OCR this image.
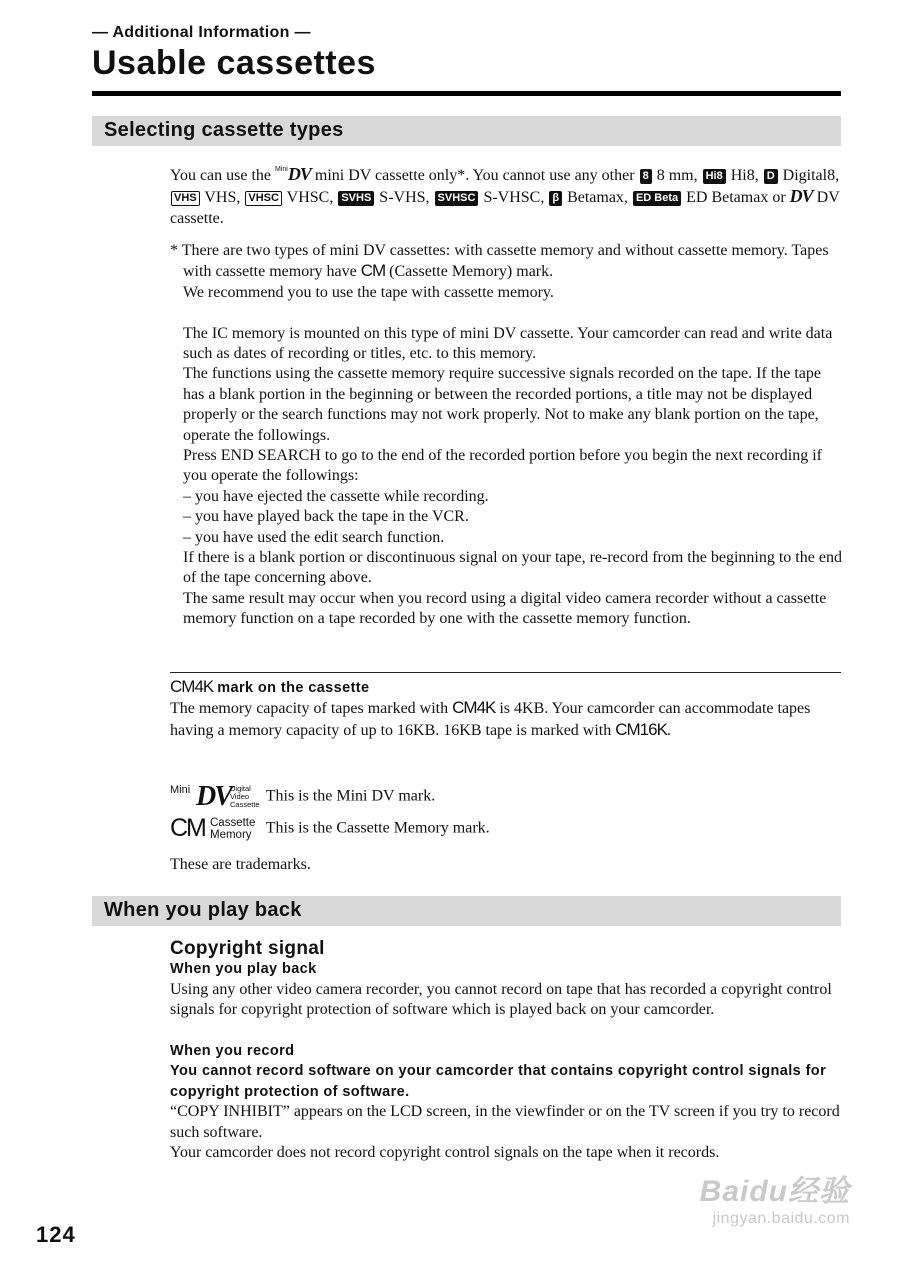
— Additional Information —
Usable cassettes
Selecting cassette types

You can use the $^{Mini}$DV mini DV cassette only*. You cannot use any other 8 8 mm, Hi8 Hi8, D Digital8, VHS VHS, VHSC VHSC, SVHS S-VHS, SVHSC S-VHSC, β Betamax, ED Beta ED Betamax or DV DV cassette.

* There are two types of mini DV cassettes: with cassette memory and without cassette memory. Tapes with cassette memory have CM (Cassette Memory) mark.

We recommend you to use the tape with cassette memory.

The IC memory is mounted on this type of mini DV cassette. Your camcorder can read and write data such as dates of recording or titles, etc. to this memory.

The functions using the cassette memory require successive signals recorded on the tape. If the tape has a blank portion in the beginning or between the recorded portions, a title may not be displayed properly or the search functions may not work properly. Not to make any blank portion on the tape, operate the followings.

Press END SEARCH to go to the end of the recorded portion before you begin the next recording if you operate the followings:

– you have ejected the cassette while recording.

– you have played back the tape in the VCR.

– you have used the edit search function.

If there is a blank portion or discontinuous signal on your tape, re-record from the beginning to the end of the tape concerning above.

The same result may occur when you record using a digital video camera recorder without a cassette memory function on a tape recorded by one with the cassette memory function.

CM4K mark on the cassette

The memory capacity of tapes marked with CM4K is 4KB. Your camcorder can accommodate tapes having a memory capacity of up to 16KB. 16KB tape is marked with CM16K.

Mini DV Digital
Video
Cassette This is the Mini DV mark.
CM Cassette
Memory This is the Cassette Memory mark.
These are trademarks.
When you play back

Copyright signal

When you play back

Using any other video camera recorder, you cannot record on tape that has recorded a copyright control signals for copyright protection of software which is played back on your camcorder.

When you record

You cannot record software on your camcorder that contains copyright control signals for copyright protection of software.

“COPY INHIBIT” appears on the LCD screen, in the viewfinder or on the TV screen if you try to record such software.

Your camcorder does not record copyright control signals on the tape when it records.

Baidu经验
jingyan.baidu.com
124
